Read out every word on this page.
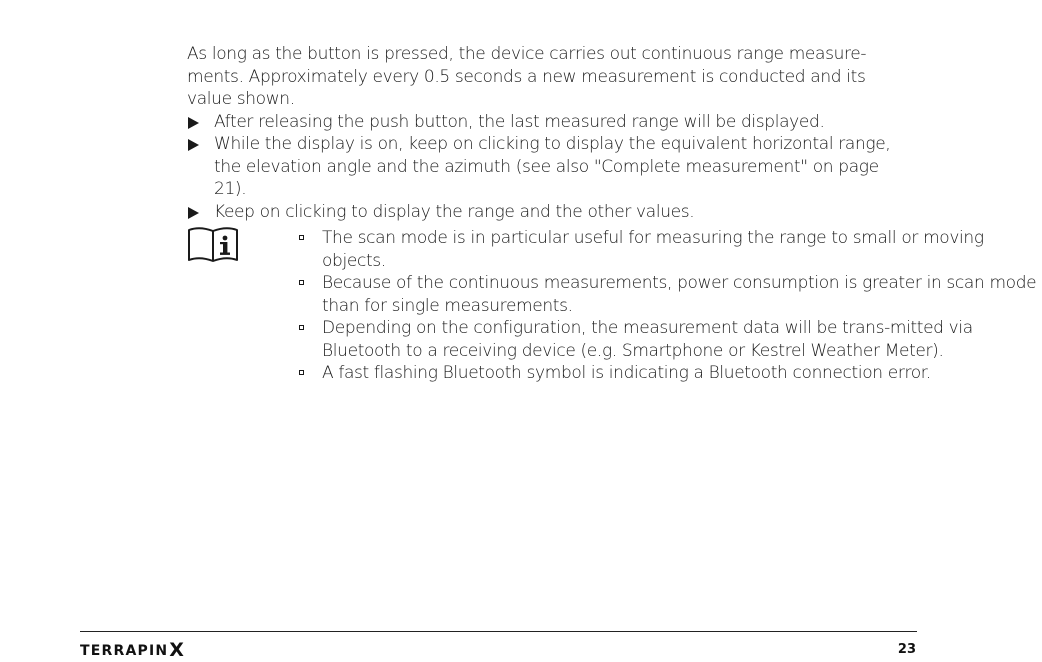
As long as the button is pressed, the device carries out continuous range measure-ments. Approximately every 0.5 seconds a new measurement is conducted and its value shown.

After releasing the push button, the last measured range will be displayed.
While the display is on, keep on clicking to display the equivalent horizontal range, the elevation angle and the azimuth (see also "Complete measurement" on page 21).
Keep on clicking to display the range and the other values.
The scan mode is in particular useful for measuring the range to small or moving objects.
Because of the continuous measurements, power consumption is greater in scan mode than for single measurements.
Depending on the configuration, the measurement data will be trans-mitted via Bluetooth to a receiving device (e.g. Smartphone or Kestrel Weather Meter).
A fast flashing Bluetooth symbol is indicating a Bluetooth connection error.
TERRAPINX	23
